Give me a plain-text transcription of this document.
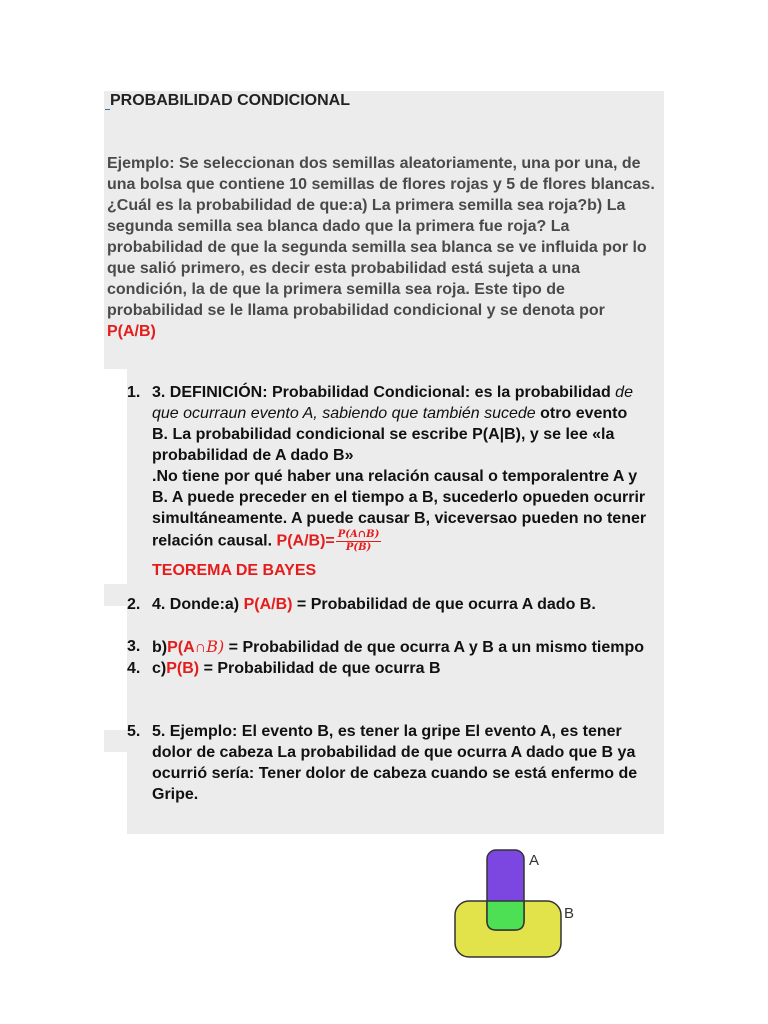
PROBABILIDAD CONDICIONAL

Ejemplo: Se seleccionan dos semillas aleatoriamente, una por una, de una bolsa que contiene 10 semillas de flores rojas y 5 de flores blancas. ¿Cuál es la probabilidad de que:a) La primera semilla sea roja?b) La segunda semilla sea blanca dado que la primera fue roja? La probabilidad de que la segunda semilla sea blanca se ve influida por lo que salió primero, es decir esta probabilidad está sujeta a una condición, la de que la primera semilla sea roja. Este tipo de probabilidad se le llama probabilidad condicional y se denota por
P(A/B)

1. 3. DEFINICIÓN: Probabilidad Condicional: es la probabilidad de que ocurraun evento A, sabiendo que también sucede otro evento B. La probabilidad condicional se escribe P(A|B), y se lee «la probabilidad de A dado B»
.No tiene por qué haber una relación causal o temporalentre A y B. A puede preceder en el tiempo a B, sucederlo opueden ocurrir simultáneamente. A puede causar B, viceversao pueden no tener relación causal. $P(A/B)= \frac{P(A\cap B)}{P(B)}$
TEOREMA DE BAYES
2. 4. Donde:a) P(A/B) = Probabilidad de que ocurra A dado B.
3. b)P(A∩B) = Probabilidad de que ocurra A y B a un mismo tiempo
4. c)P(B) = Probabilidad de que ocurra B
5. 5. Ejemplo: El evento B, es tener la gripe El evento A, es tener dolor de cabeza La probabilidad de que ocurra A dado que B ya ocurrió sería: Tener dolor de cabeza cuando se está enfermo de Gripe.
A
B
